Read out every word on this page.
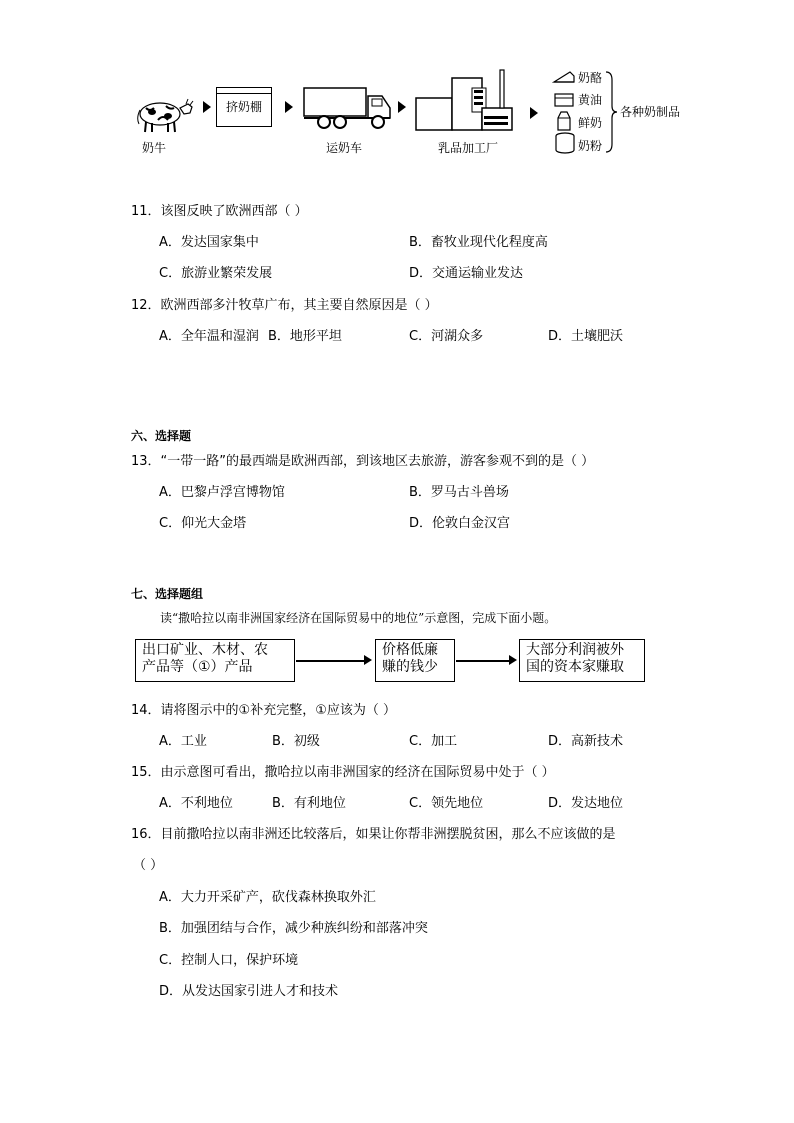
奶牛
挤奶棚
运奶车	乳品加工厂
奶酪
黄油
鲜奶
奶粉
各种奶制品
11．该图反映了欧洲西部（ ）
A．发达国家集中	B．畜牧业现代化程度高
C．旅游业繁荣发展	D．交通运输业发达
12．欧洲西部多汁牧草广布，其主要自然原因是（ ）
A．全年温和湿润 B．地形平坦	C．河湖众多	D．土壤肥沃
六、选择题
13．“一带一路”的最西端是欧洲西部，到该地区去旅游，游客参观不到的是（ ）
A．巴黎卢浮宫博物馆	B．罗马古斗兽场
C．仰光大金塔	D．伦敦白金汉宫
七、选择题组
读“撒哈拉以南非洲国家经济在国际贸易中的地位”示意图，完成下面小题。
出口矿业、木材、农
产品等（①）产品
价格低廉
赚的钱少
大部分利润被外
国的资本家赚取
14．请将图示中的①补充完整，①应该为（ ）
A．工业	B．初级	C．加工	D．高新技术
15．由示意图可看出，撒哈拉以南非洲国家的经济在国际贸易中处于（ ）
A．不利地位	B．有利地位	C．领先地位	D．发达地位
16．目前撒哈拉以南非洲还比较落后，如果让你帮非洲摆脱贫困，那么不应该做的是
（ ）
A．大力开采矿产，砍伐森林换取外汇
B．加强团结与合作，减少种族纠纷和部落冲突
C．控制人口，保护环境
D．从发达国家引进人才和技术
